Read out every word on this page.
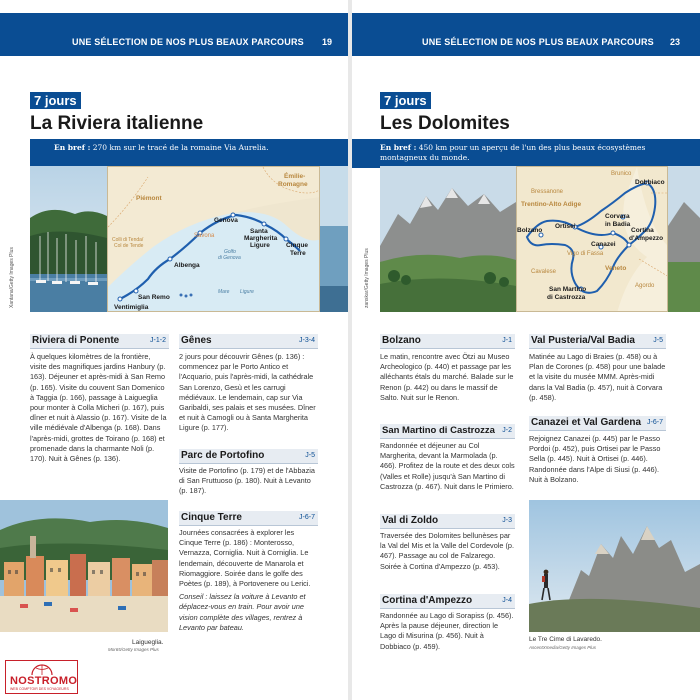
UNE SÉLECTION DE NOS PLUS BEAUX PARCOURS 19	UNE SÉLECTION DE NOS PLUS BEAUX PARCOURS 23
7 jours
La Riviera italienne
En bref : 270 km sur le tracé de la romaine Via Aurelia.
Xantana/Getty Images Plus
Piémont
Émilie-
Romagne
Colli di Tenda/
Col de Tende
Savona
Genova
Golfo
di Genova
Albenga
Santa
Margherita
Ligure Cinque
Terre
San Remo
Ventimiglia
Mare Ligure
Riviera di Ponente	J-1-2
À quelques kilomètres de la frontière, visite des magnifiques jardins Hanbury (p. 163). Déjeuner et après-midi à San Remo (p. 165). Visite du couvent San Domenico à Taggia (p. 166), passage à Laigueglia pour monter à Colla Micheri (p. 167), puis dîner et nuit à Alassio (p. 167). Visite de la ville médiévale d'Albenga (p. 168). Dans l'après-midi, grottes de Toirano (p. 168) et promenade dans la charmante Noli (p. 170). Nuit à Gênes (p. 136).
Gênes	J-3-4
2 jours pour découvrir Gênes (p. 136) : commencez par le Porto Antico et l'Acquario, puis l'après-midi, la cathédrale San Lorenzo, Gesù et les carrugi médiévaux. Le lendemain, cap sur Via Garibaldi, ses palais et ses musées. Dîner et nuit à Camogli ou à Santa Margherita Ligure (p. 177).
Parc de Portofino	J-5
Visite de Portofino (p. 179) et de l'Abbazia di San Fruttuoso (p. 180). Nuit à Levanto (p. 187).
Cinque Terre	J-6-7
Journées consacrées à explorer les Cinque Terre (p. 186) : Monterosso, Vernazza, Corniglia. Nuit à Corniglia. Le lendemain, découverte de Manarola et Riomaggiore. Soirée dans le golfe des Poètes (p. 189), à Portovenere ou Lerici.
Conseil : laissez la voiture à Levanto et déplacez-vous en train. Pour avoir une vision complète des villages, rentrez à Levanto par bateau.
Laigueglia.
Mor65/Getty Images Plus
NOSTROMO
WEB COMPTOIR DES VOYAGEURS
7 jours
Les Dolomites
En bref : 450 km pour un aperçu de l'un des plus beaux écosystèmes montagneux du monde.
zanskar/Getty Images Plus
Bressanone
Brunico
Dobbiaco
Trentino-Alto Adige
Bolzano
Ortisei
Corvara
in Badia
Canazei
Cortina
d'Ampezzo
Vigo di Fassa
Veneto
Cavalese
San Martino
di Castrozza
Agordo
Bolzano	J-1
Le matin, rencontre avec Ötzi au Museo Archeologico (p. 440) et passage par les alléchants étals du marché. Balade sur le Renon (p. 442) ou dans le massif de Salto. Nuit sur le Renon.
San Martino di Castrozza J-2
Randonnée et déjeuner au Col Margherita, devant la Marmolada (p. 466). Profitez de la route et des deux cols (Valles et Rolle) jusqu'à San Martino di Castrozza (p. 467). Nuit dans le Primiero.
Val di Zoldo	J-3
Traversée des Dolomites bellunèses par la Val del Mis et la Valle del Cordevole (p. 467). Passage au col de Falzarego. Soirée à Cortina d'Ampezzo (p. 453).
Cortina d'Ampezzo	J-4
Randonnée au Lago di Sorapiss (p. 456). Après la pause déjeuner, direction le Lago di Misurina (p. 456). Nuit à Dobbiaco (p. 459).
Val Pusteria/Val Badia	J-5
Matinée au Lago di Braies (p. 458) ou à Plan de Corones (p. 458) pour une balade et la visite du musée MMM. Après-midi dans la Val Badia (p. 457), nuit à Corvara (p. 458).
Canazei et Val Gardena J-6-7
Rejoignez Canazei (p. 445) par le Passo Pordoi (p. 452), puis Ortisei par le Passo Sella (p. 445). Nuit à Ortisei (p. 446). Randonnée dans l'Alpe di Siusi (p. 446). Nuit à Bolzano.
Le Tre Cime di Lavaredo.
AscentXmedia/Getty Images Plus
